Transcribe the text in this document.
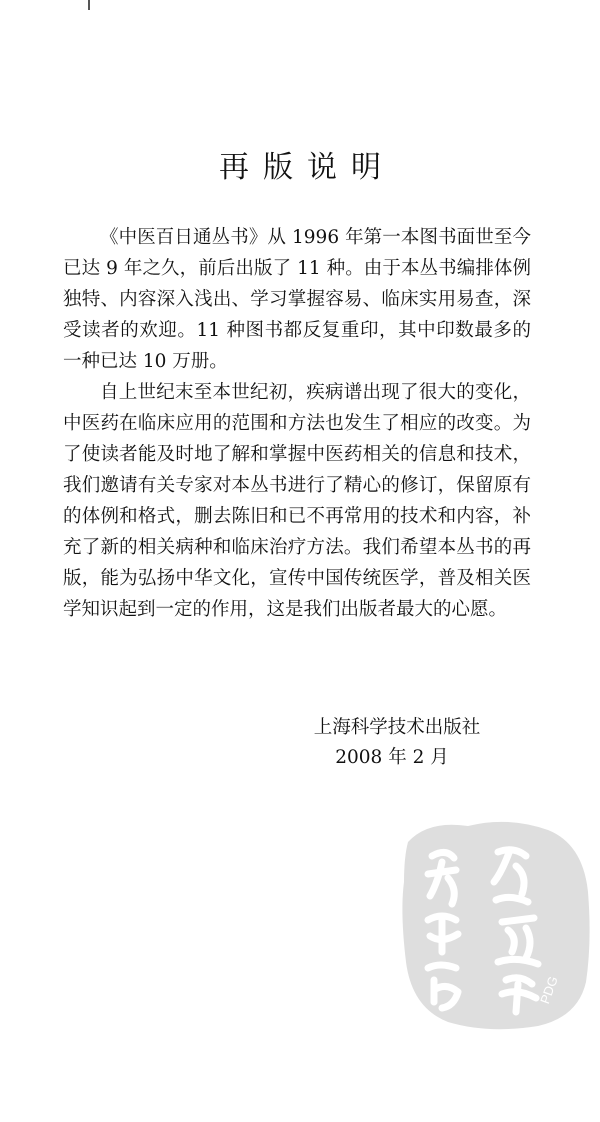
再版说明

《中医百日通丛书》从 1996 年第一本图书面世至今已达 9 年之久，前后出版了 11 种。由于本丛书编排体例独特、内容深入浅出、学习掌握容易、临床实用易查，深受读者的欢迎。11 种图书都反复重印，其中印数最多的一种已达 10 万册。

自上世纪末至本世纪初，疾病谱出现了很大的变化，中医药在临床应用的范围和方法也发生了相应的改变。为了使读者能及时地了解和掌握中医药相关的信息和技术，我们邀请有关专家对本丛书进行了精心的修订，保留原有的体例和格式，删去陈旧和已不再常用的技术和内容，补充了新的相关病种和临床治疗方法。我们希望本丛书的再版，能为弘扬中华文化，宣传中国传统医学，普及相关医学知识起到一定的作用，这是我们出版者最大的心愿。

上海科学技术出版社
2008 年 2 月
PDG
